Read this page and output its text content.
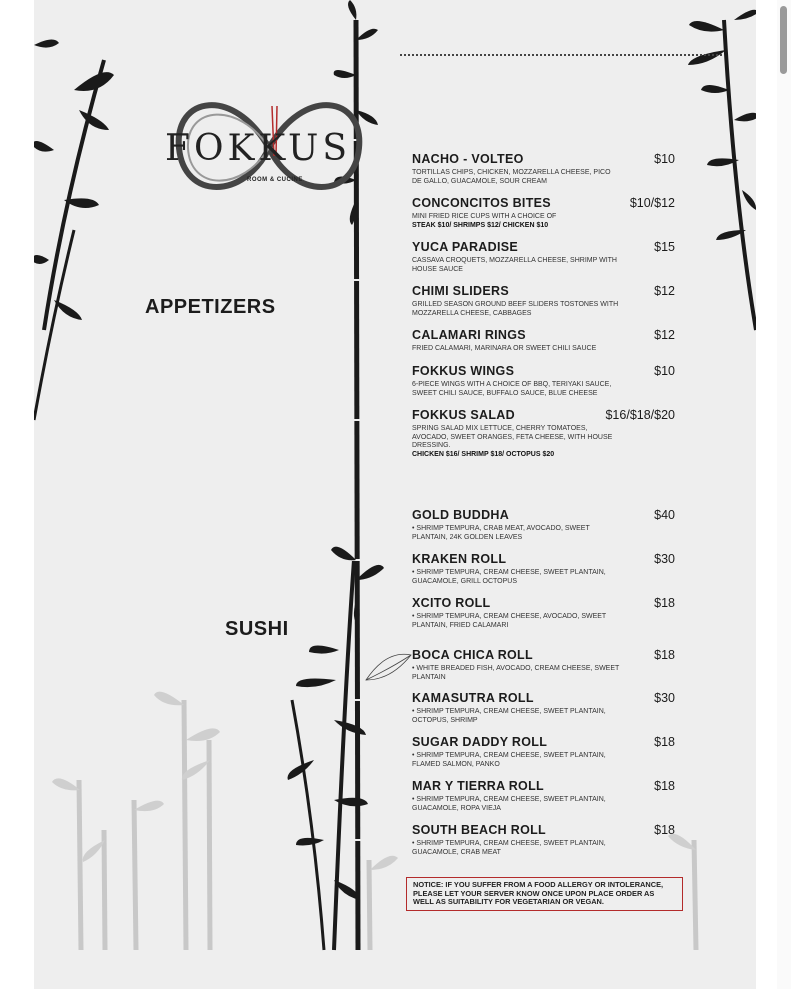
FOKKUS
ROOM & CUCINE
APPETIZERS
SUSHI
NACHO - VOLTEO	$10
TORTILLAS CHIPS, CHICKEN, MOZZARELLA CHEESE, PICO DE GALLO, GUACAMOLE, SOUR CREAM
CONCONCITOS BITES	$10/$12
MINI FRIED RICE CUPS WITH A CHOICE OF
STEAK $10/ SHRIMPS $12/ CHICKEN $10
YUCA PARADISE	$15
CASSAVA CROQUETS, MOZZARELLA CHEESE, SHRIMP WITH HOUSE SAUCE
CHIMI SLIDERS	$12
GRILLED SEASON GROUND BEEF SLIDERS TOSTONES WITH MOZZARELLA CHEESE, CABBAGES
CALAMARI RINGS	$12
FRIED CALAMARI, MARINARA OR SWEET CHILI SAUCE
FOKKUS WINGS	$10
6-PIECE WINGS WITH A CHOICE OF BBQ, TERIYAKI SAUCE, SWEET CHILI SAUCE, BUFFALO SAUCE, BLUE CHEESE
FOKKUS SALAD	$16/$18/$20
SPRING SALAD MIX LETTUCE, CHERRY TOMATOES, AVOCADO, SWEET ORANGES, FETA CHEESE, WITH HOUSE DRESSING.
CHICKEN $16/ SHRIMP $18/ OCTOPUS $20
GOLD BUDDHA	$40
• SHRIMP TEMPURA, CRAB MEAT, AVOCADO, SWEET PLANTAIN, 24K GOLDEN LEAVES
KRAKEN ROLL	$30
• SHRIMP TEMPURA, CREAM CHEESE, SWEET PLANTAIN, GUACAMOLE, GRILL OCTOPUS
XCITO ROLL	$18
• SHRIMP TEMPURA, CREAM CHEESE, AVOCADO, SWEET PLANTAIN, FRIED CALAMARI
BOCA CHICA ROLL	$18
• WHITE BREADED FISH, AVOCADO, CREAM CHEESE, SWEET PLANTAIN
KAMASUTRA ROLL	$30
• SHRIMP TEMPURA, CREAM CHEESE, SWEET PLANTAIN, OCTOPUS, SHRIMP
SUGAR DADDY ROLL	$18
• SHRIMP TEMPURA, CREAM CHEESE, SWEET PLANTAIN, FLAMED SALMON, PANKO
MAR Y TIERRA ROLL	$18
• SHRIMP TEMPURA, CREAM CHEESE, SWEET PLANTAIN, GUACAMOLE, ROPA VIEJA
SOUTH BEACH ROLL	$18
• SHRIMP TEMPURA, CREAM CHEESE, SWEET PLANTAIN, GUACAMOLE, CRAB MEAT
NOTICE: IF YOU SUFFER FROM A FOOD ALLERGY OR INTOLERANCE, PLEASE LET YOUR SERVER KNOW ONCE UPON PLACE ORDER AS WELL AS SUITABILITY FOR VEGETARIAN OR VEGAN.
